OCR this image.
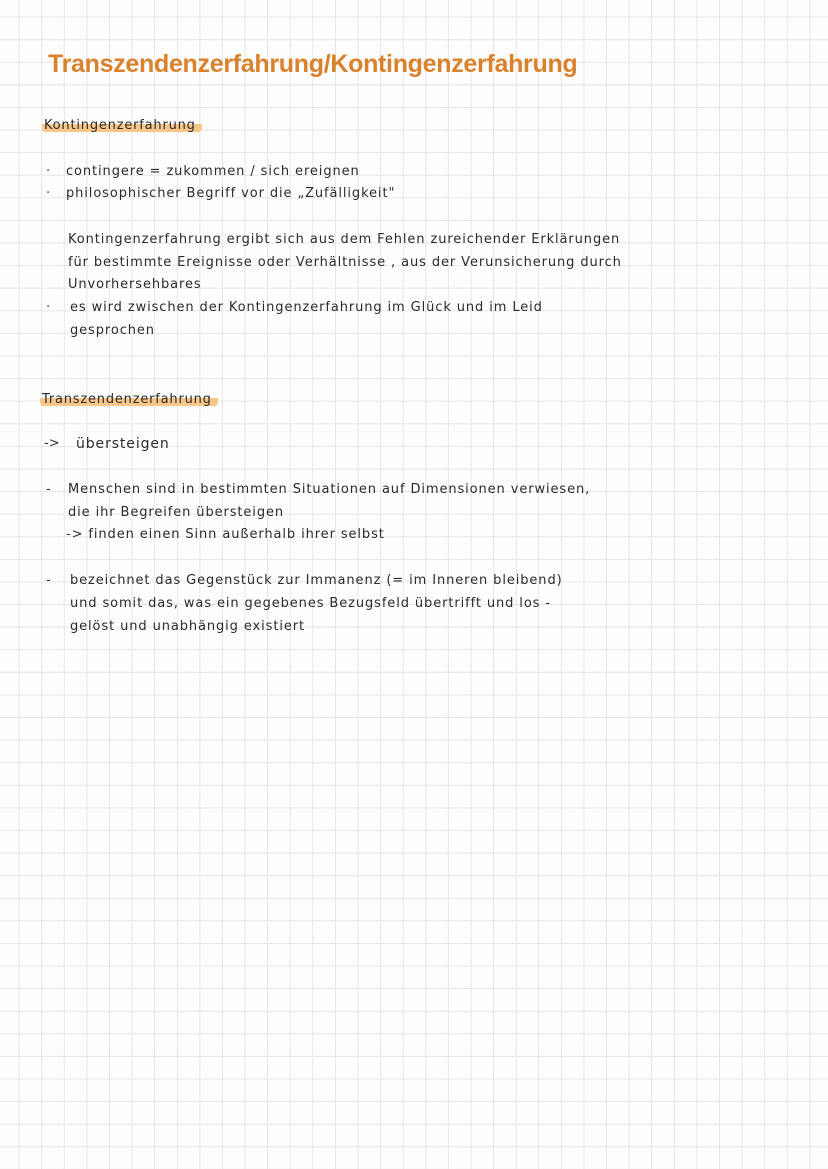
Transzendenzerfahrung/Kontingenzerfahrung
Kontingenzerfahrung
· contingere = zukommen / sich ereignen
· philosophischer Begriff vor die „Zufälligkeit"
Kontingenzerfahrung ergibt sich aus dem Fehlen zureichender Erklärungen
für bestimmte Ereignisse oder Verhältnisse , aus der Verunsicherung durch
Unvorhersehbares
· es wird zwischen der Kontingenzerfahrung im Glück und im Leid
gesprochen
Transzendenzerfahrung
-> übersteigen
- Menschen sind in bestimmten Situationen auf Dimensionen verwiesen,
die ihr Begreifen übersteigen
-> finden einen Sinn außerhalb ihrer selbst
- bezeichnet das Gegenstück zur Immanenz (= im Inneren bleibend)
und somit das, was ein gegebenes Bezugsfeld übertrifft und los -
gelöst und unabhängig existiert
